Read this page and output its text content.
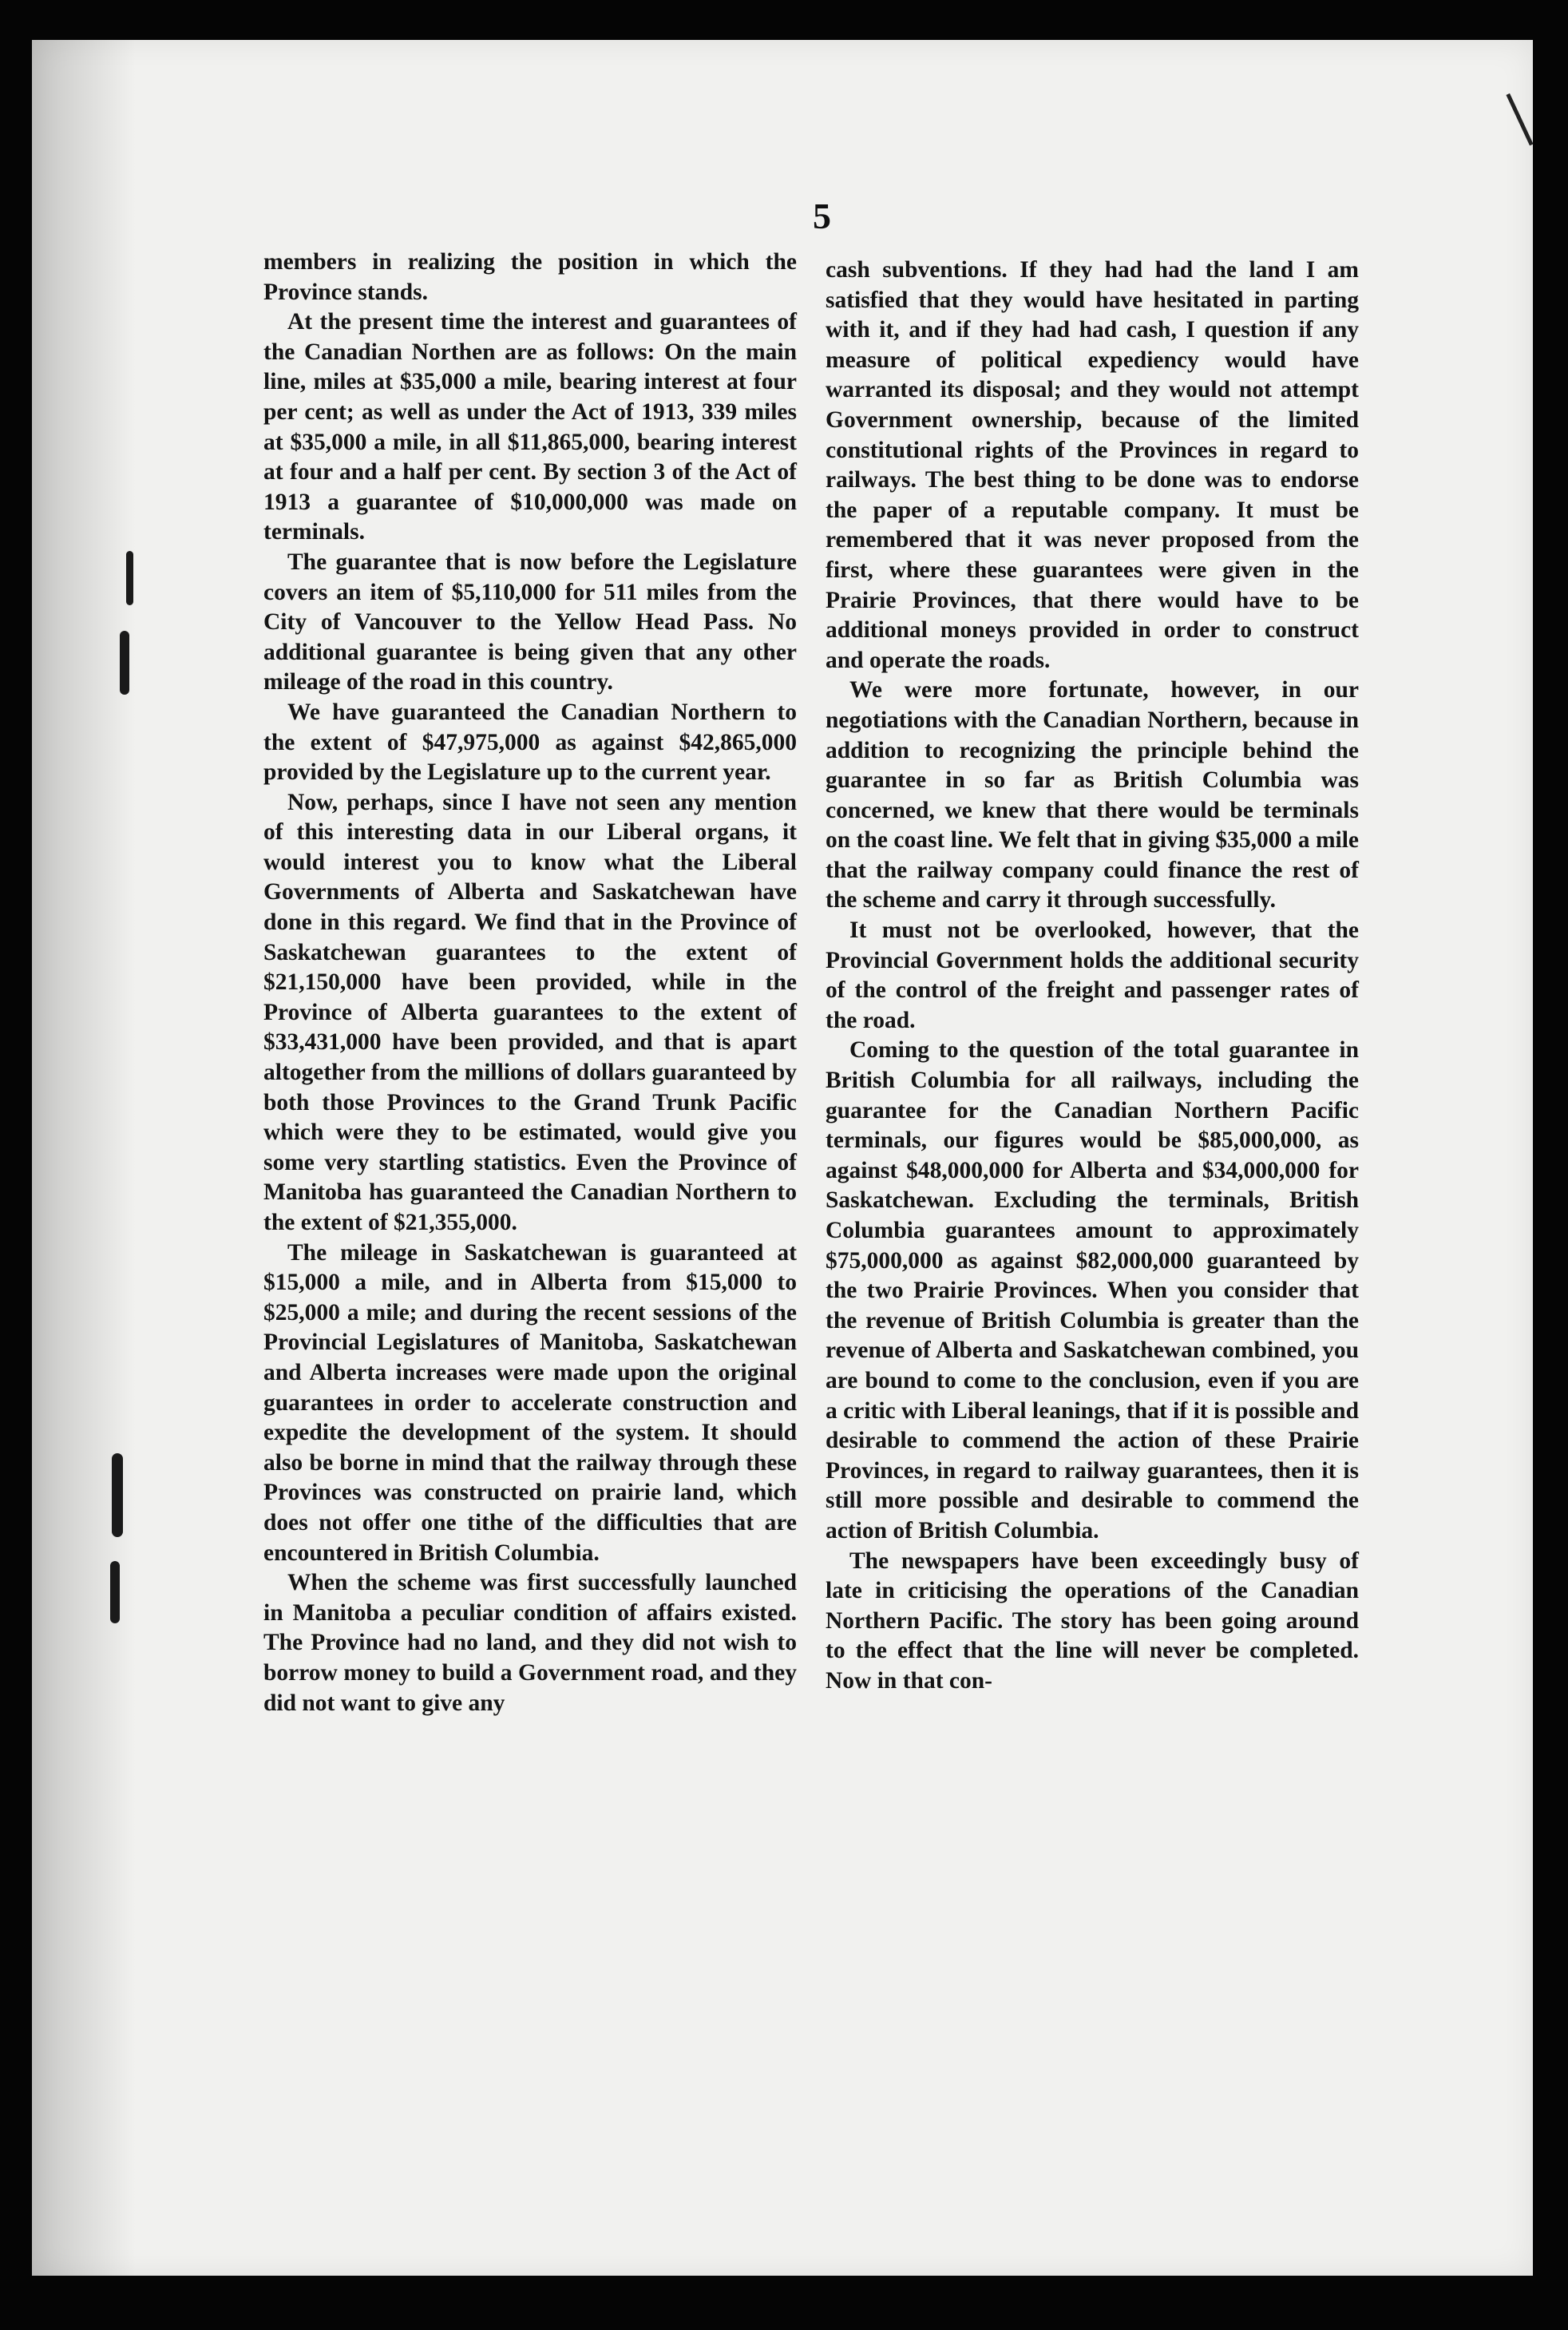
5

members in realizing the position in which the Province stands.

At the present time the interest and guarantees of the Canadian Northen are as follows: On the main line, miles at $35,000 a mile, bearing interest at four per cent; as well as under the Act of 1913, 339 miles at $35,000 a mile, in all $11,865,000, bearing interest at four and a half per cent. By section 3 of the Act of 1913 a guarantee of $10,000,000 was made on terminals.

The guarantee that is now before the Legislature covers an item of $5,110,000 for 511 miles from the City of Vancouver to the Yellow Head Pass. No additional guarantee is being given that any other mileage of the road in this country.

We have guaranteed the Canadian Northern to the extent of $47,975,000 as against $42,865,000 provided by the Legislature up to the current year.

Now, perhaps, since I have not seen any mention of this interesting data in our Liberal organs, it would interest you to know what the Liberal Governments of Alberta and Saskatchewan have done in this regard. We find that in the Province of Saskatchewan guarantees to the extent of $21,150,000 have been provided, while in the Province of Alberta guarantees to the extent of $33,431,000 have been provided, and that is apart altogether from the millions of dollars guaranteed by both those Provinces to the Grand Trunk Pacific which were they to be estimated, would give you some very startling statistics. Even the Province of Manitoba has guaranteed the Canadian Northern to the extent of $21,355,000.

The mileage in Saskatchewan is guaranteed at $15,000 a mile, and in Alberta from $15,000 to $25,000 a mile; and during the recent sessions of the Provincial Legislatures of Manitoba, Saskatchewan and Alberta increases were made upon the original guarantees in order to accelerate construction and expedite the development of the system. It should also be borne in mind that the railway through these Provinces was constructed on prairie land, which does not offer one tithe of the difficulties that are encountered in British Columbia.

When the scheme was first successfully launched in Manitoba a peculiar condition of affairs existed. The Province had no land, and they did not wish to borrow money to build a Government road, and they did not want to give any

cash subventions. If they had had the land I am satisfied that they would have hesitated in parting with it, and if they had had cash, I question if any measure of political expediency would have warranted its disposal; and they would not attempt Government ownership, because of the limited constitutional rights of the Provinces in regard to railways. The best thing to be done was to endorse the paper of a reputable company. It must be remembered that it was never proposed from the first, where these guarantees were given in the Prairie Provinces, that there would have to be additional moneys provided in order to construct and operate the roads.

We were more fortunate, however, in our negotiations with the Canadian Northern, because in addition to recognizing the principle behind the guarantee in so far as British Columbia was concerned, we knew that there would be terminals on the coast line. We felt that in giving $35,000 a mile that the railway company could finance the rest of the scheme and carry it through successfully.

It must not be overlooked, however, that the Provincial Government holds the additional security of the control of the freight and passenger rates of the road.

Coming to the question of the total guarantee in British Columbia for all railways, including the guarantee for the Canadian Northern Pacific terminals, our figures would be $85,000,000, as against $48,000,000 for Alberta and $34,000,000 for Saskatchewan. Excluding the terminals, British Columbia guarantees amount to approximately $75,000,000 as against $82,000,000 guaranteed by the two Prairie Provinces. When you consider that the revenue of British Columbia is greater than the revenue of Alberta and Saskatchewan combined, you are bound to come to the conclusion, even if you are a critic with Liberal leanings, that if it is possible and desirable to commend the action of these Prairie Provinces, in regard to railway guarantees, then it is still more possible and desirable to commend the action of British Columbia.

The newspapers have been exceedingly busy of late in criticising the operations of the Canadian Northern Pacific. The story has been going around to the effect that the line will never be completed. Now in that con-
